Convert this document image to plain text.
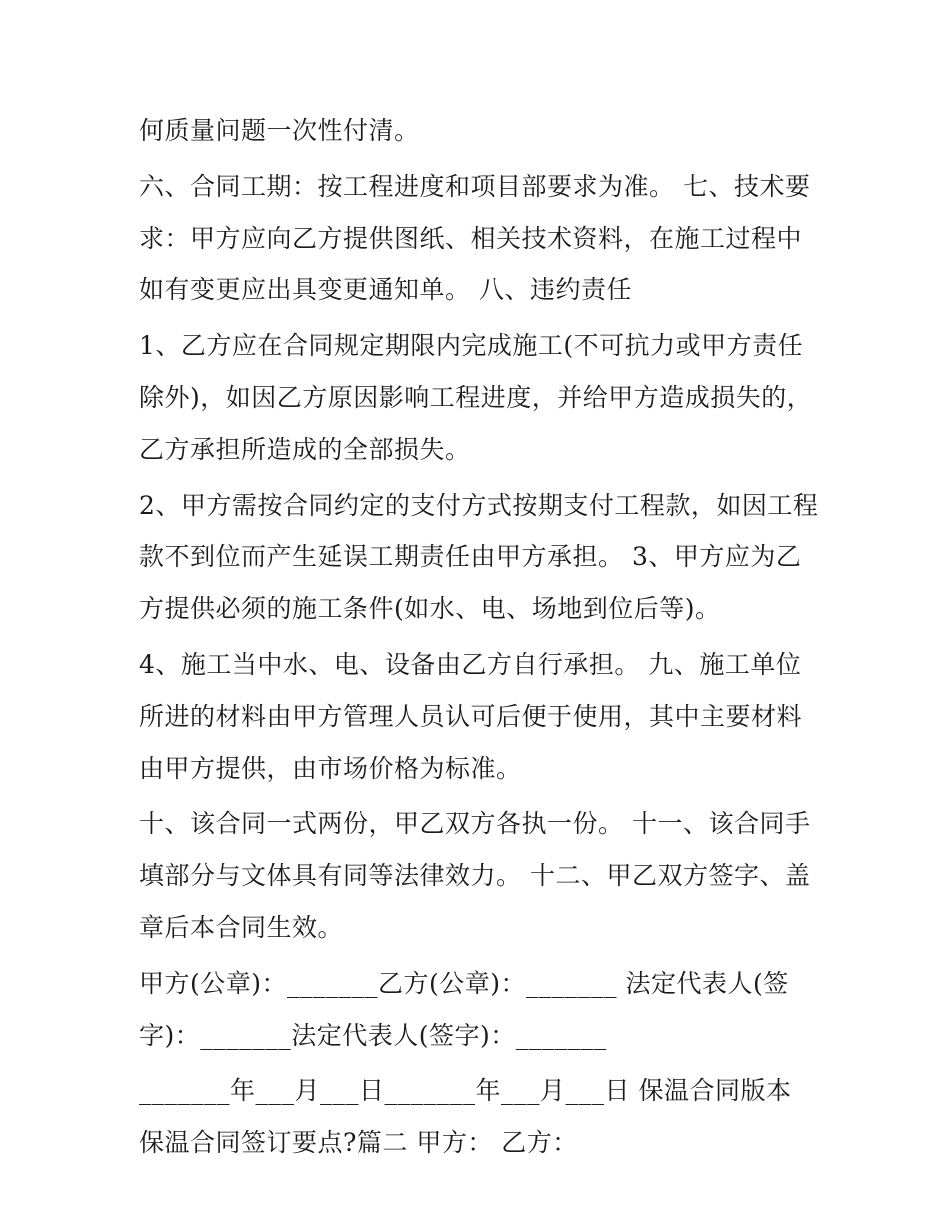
何质量问题一次性付清。

六、合同工期：按工程进度和项目部要求为准。 七、技术要求：甲方应向乙方提供图纸、相关技术资料，在施工过程中如有变更应出具变更通知单。 八、违约责任

1、乙方应在合同规定期限内完成施工(不可抗力或甲方责任除外)，如因乙方原因影响工程进度，并给甲方造成损失的，乙方承担所造成的全部损失。

2、甲方需按合同约定的支付方式按期支付工程款，如因工程款不到位而产生延误工期责任由甲方承担。 3、甲方应为乙方提供必须的施工条件(如水、电、场地到位后等)。

4、施工当中水、电、设备由乙方自行承担。 九、施工单位所进的材料由甲方管理人员认可后便于使用，其中主要材料由甲方提供，由市场价格为标准。

十、该合同一式两份，甲乙双方各执一份。 十一、该合同手填部分与文体具有同等法律效力。 十二、甲乙双方签字、盖章后本合同生效。

甲方(公章)：_______乙方(公章)：_______ 法定代表人(签字)：_______法定代表人(签字)：_______

_______年___月___日_______年___月___日 保温合同版本 保温合同签订要点?篇二 甲方： 乙方：
